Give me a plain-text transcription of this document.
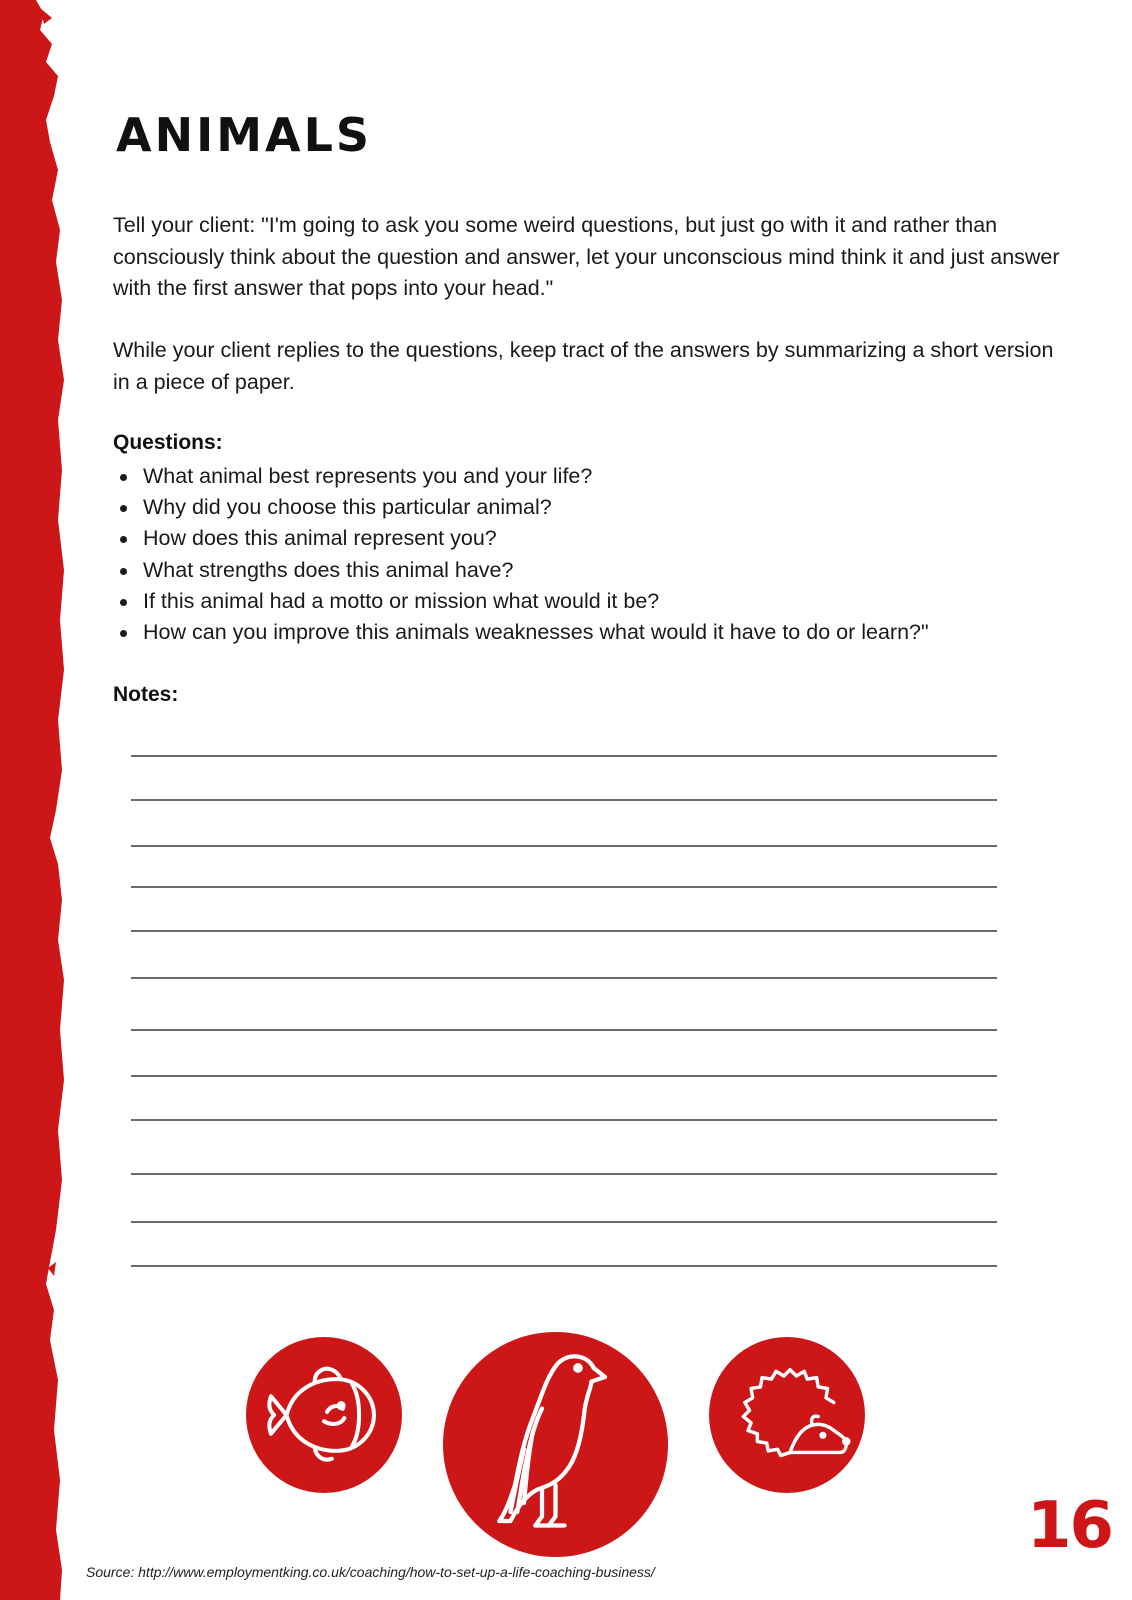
ANIMALS

Tell your client: "I'm going to ask you some weird questions, but just go with it and rather than consciously think about the question and answer, let your unconscious mind think it and just answer with the first answer that pops into your head."

While your client replies to the questions, keep tract of the answers by summarizing a short version in a piece of paper.

Questions:

What animal best represents you and your life?
Why did you choose this particular animal?
How does this animal represent you?
What strengths does this animal have?
If this animal had a motto or mission what would it be?
How can you improve this animals weaknesses what would it have to do or learn?"

Notes:

Source: http://www.employmentking.co.uk/coaching/how-to-set-up-a-life-coaching-business/

16
